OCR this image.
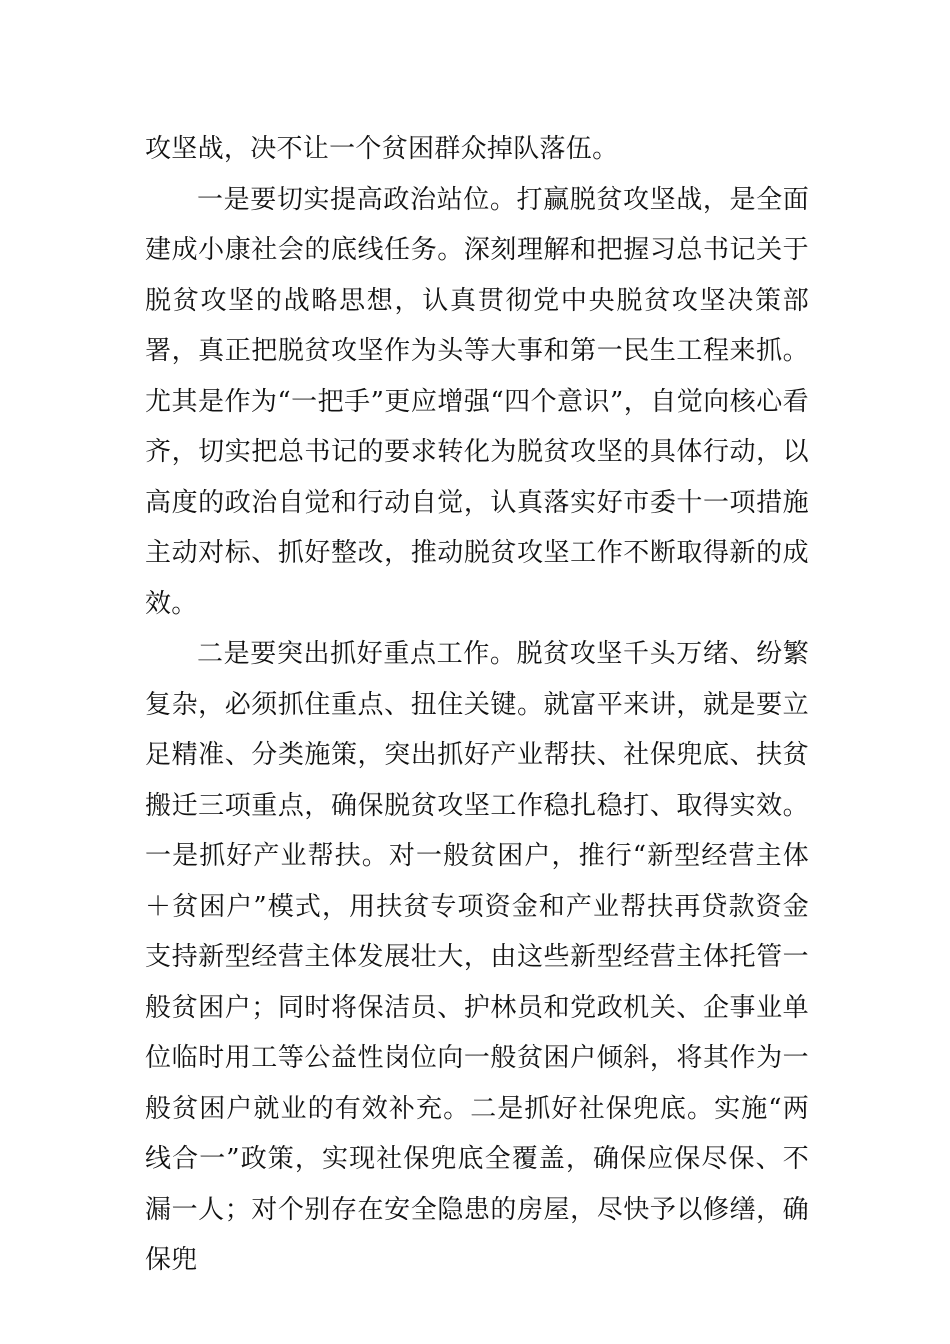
攻坚战，决不让一个贫困群众掉队落伍。

一是要切实提高政治站位。打赢脱贫攻坚战，是全面建成小康社会的底线任务。深刻理解和把握习总书记关于脱贫攻坚的战略思想，认真贯彻党中央脱贫攻坚决策部署，真正把脱贫攻坚作为头等大事和第一民生工程来抓。尤其是作为“一把手”更应增强“四个意识”，自觉向核心看齐，切实把总书记的要求转化为脱贫攻坚的具体行动，以高度的政治自觉和行动自觉，认真落实好市委十一项措施主动对标、抓好整改，推动脱贫攻坚工作不断取得新的成效。

二是要突出抓好重点工作。脱贫攻坚千头万绪、纷繁复杂，必须抓住重点、扭住关键。就富平来讲，就是要立足精准、分类施策，突出抓好产业帮扶、社保兜底、扶贫搬迁三项重点，确保脱贫攻坚工作稳扎稳打、取得实效。一是抓好产业帮扶。对一般贫困户，推行“新型经营主体＋贫困户”模式，用扶贫专项资金和产业帮扶再贷款资金支持新型经营主体发展壮大，由这些新型经营主体托管一般贫困户；同时将保洁员、护林员和党政机关、企事业单位临时用工等公益性岗位向一般贫困户倾斜，将其作为一般贫困户就业的有效补充。二是抓好社保兜底。实施“两线合一”政策，实现社保兜底全覆盖，确保应保尽保、不漏一人；对个别存在安全隐患的房屋，尽快予以修缮，确保兜
